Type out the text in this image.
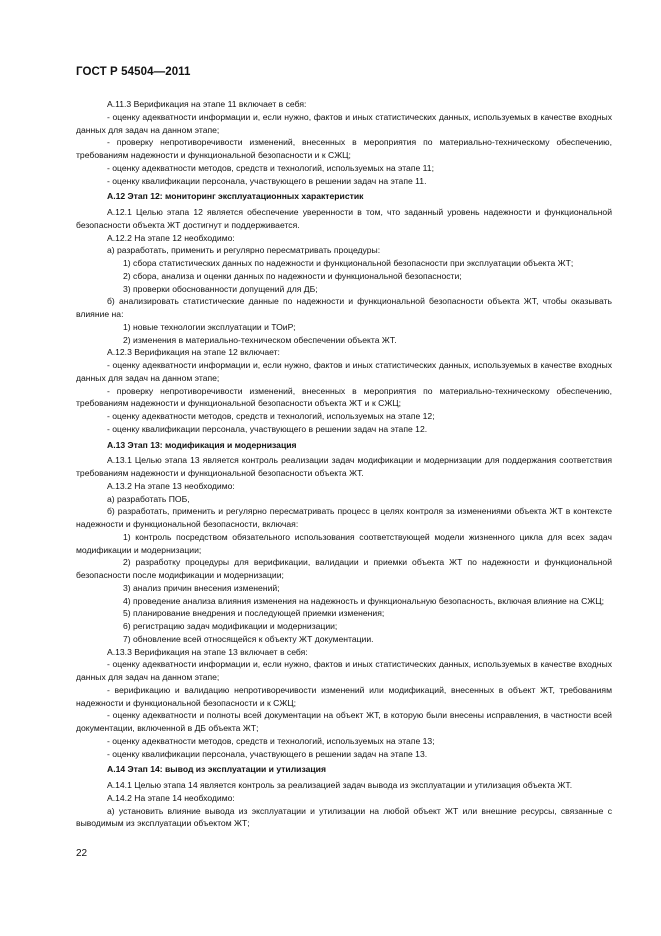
ГОСТ Р 54504—2011

А.11.3 Верификация на этапе 11 включает в себя:

- оценку адекватности информации и, если нужно, фактов и иных статистических данных, используемых в качестве входных данных для задач на данном этапе;

- проверку непротиворечивости изменений, внесенных в мероприятия по материально-техническому обеспечению, требованиям надежности и функциональной безопасности и к СЖЦ;

- оценку адекватности методов, средств и технологий, используемых на этапе 11;

- оценку квалификации персонала, участвующего в решении задач на этапе 11.

А.12 Этап 12: мониторинг эксплуатационных характеристик

А.12.1 Целью этапа 12 является обеспечение уверенности в том, что заданный уровень надежности и функциональной безопасности объекта ЖТ достигнут и поддерживается.

А.12.2 На этапе 12 необходимо:

а) разработать, применить и регулярно пересматривать процедуры:

1) сбора статистических данных по надежности и функциональной безопасности при эксплуатации объекта ЖТ;

2) сбора, анализа и оценки данных по надежности и функциональной безопасности;

3) проверки обоснованности допущений для ДБ;

б) анализировать статистические данные по надежности и функциональной безопасности объекта ЖТ, чтобы оказывать влияние на:

1) новые технологии эксплуатации и ТОиР;

2) изменения в материально-техническом обеспечении объекта ЖТ.

А.12.3 Верификация на этапе 12 включает:

- оценку адекватности информации и, если нужно, фактов и иных статистических данных, используемых в качестве входных данных для задач на данном этапе;

- проверку непротиворечивости изменений, внесенных в мероприятия по материально-техническому обеспечению, требованиям надежности и функциональной безопасности объекта ЖТ и к СЖЦ;

- оценку адекватности методов, средств и технологий, используемых на этапе 12;

- оценку квалификации персонала, участвующего в решении задач на этапе 12.

А.13 Этап 13: модификация и модернизация

А.13.1 Целью этапа 13 является контроль реализации задач модификации и модернизации для поддержания соответствия требованиям надежности и функциональной безопасности объекта ЖТ.

А.13.2 На этапе 13 необходимо:

а) разработать ПОБ,

б) разработать, применить и регулярно пересматривать процесс в целях контроля за изменениями объекта ЖТ в контексте надежности и функциональной безопасности, включая:

1) контроль посредством обязательного использования соответствующей модели жизненного цикла для всех задач модификации и модернизации;

2) разработку процедуры для верификации, валидации и приемки объекта ЖТ по надежности и функциональной безопасности после модификации и модернизации;

3) анализ причин внесения изменений;

4) проведение анализа влияния изменения на надежность и функциональную безопасность, включая влияние на СЖЦ;

5) планирование внедрения и последующей приемки изменения;

6) регистрацию задач модификации и модернизации;

7) обновление всей относящейся к объекту ЖТ документации.

А.13.3 Верификация на этапе 13 включает в себя:

- оценку адекватности информации и, если нужно, фактов и иных статистических данных, используемых в качестве входных данных для задач на данном этапе;

- верификацию и валидацию непротиворечивости изменений или модификаций, внесенных в объект ЖТ, требованиям надежности и функциональной безопасности и к СЖЦ;

- оценку адекватности и полноты всей документации на объект ЖТ, в которую были внесены исправления, в частности всей документации, включенной в ДБ объекта ЖТ;

- оценку адекватности методов, средств и технологий, используемых на этапе 13;

- оценку квалификации персонала, участвующего в решении задач на этапе 13.

А.14 Этап 14: вывод из эксплуатации и утилизация

А.14.1 Целью этапа 14 является контроль за реализацией задач вывода из эксплуатации и утилизация объекта ЖТ.

А.14.2 На этапе 14 необходимо:

а) установить влияние вывода из эксплуатации и утилизации на любой объект ЖТ или внешние ресурсы, связанные с выводимым из эксплуатации объектом ЖТ;

22
